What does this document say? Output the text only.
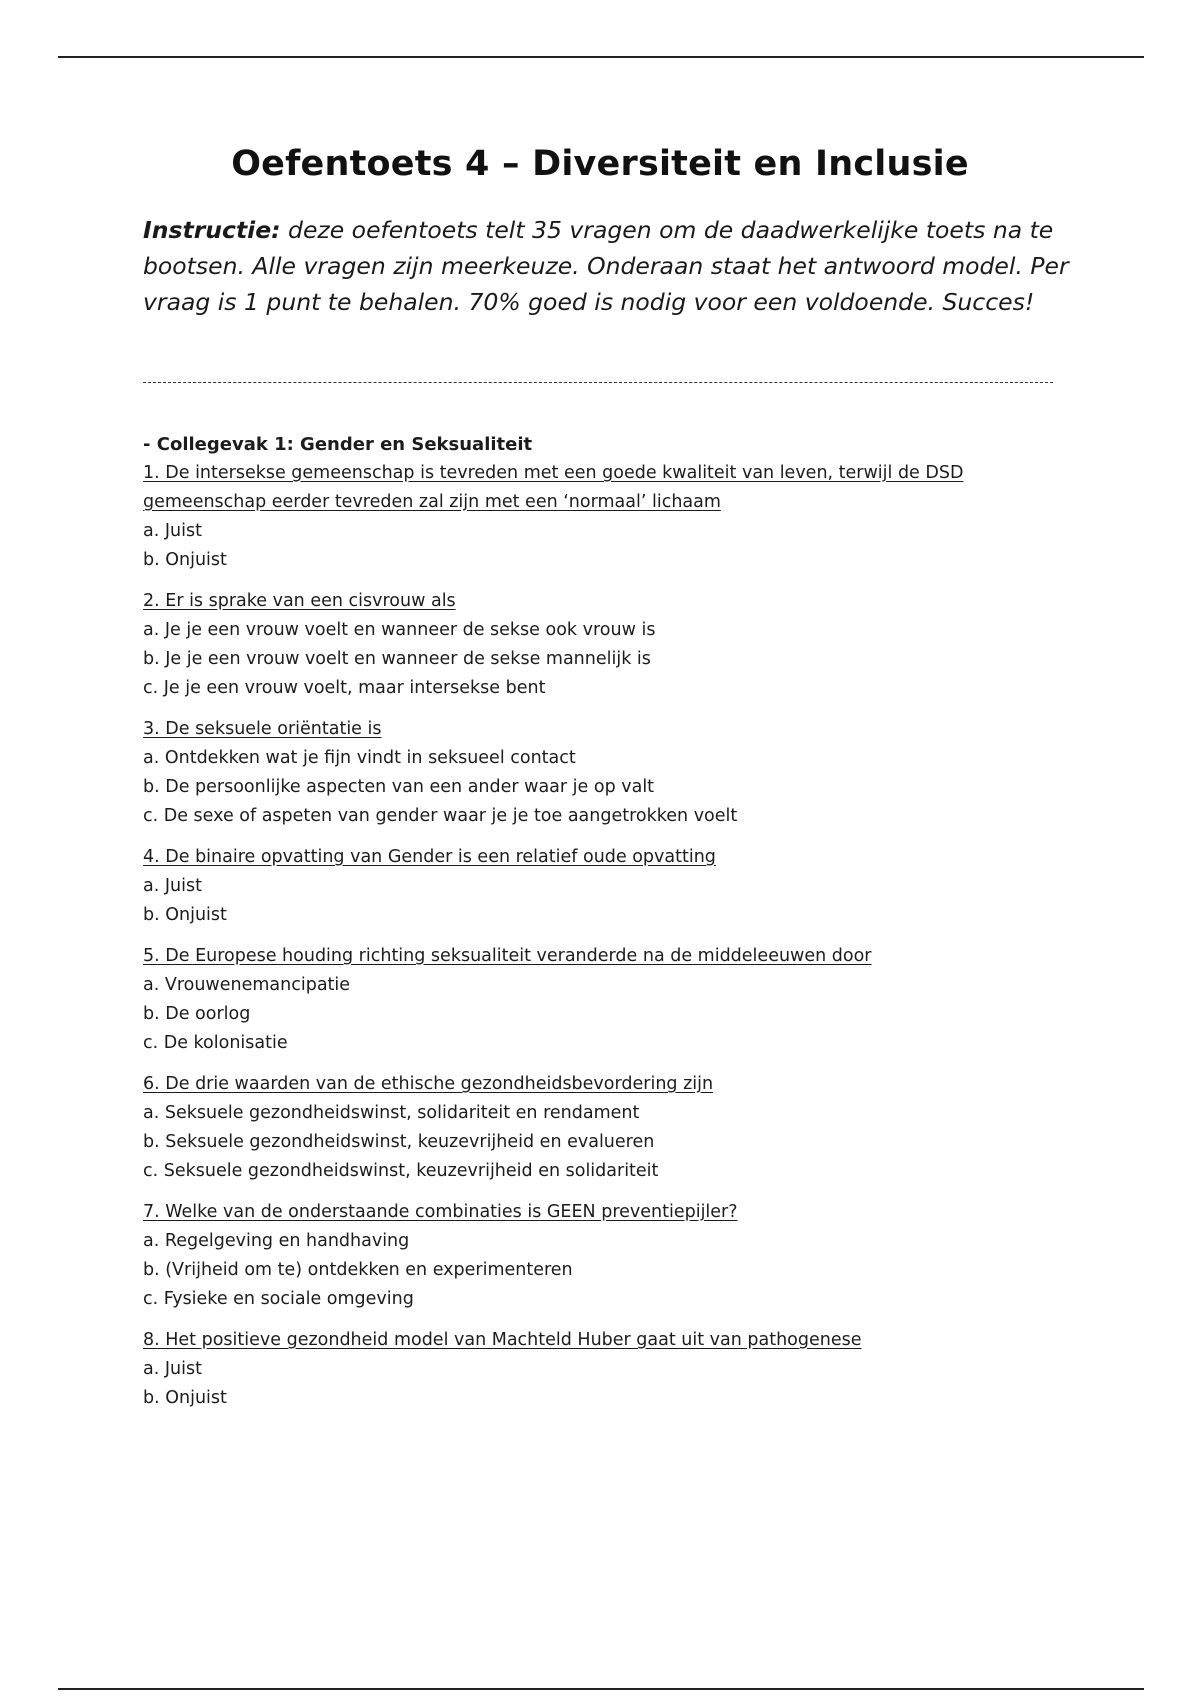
Oefentoets 4 – Diversiteit en Inclusie

Instructie: deze oefentoets telt 35 vragen om de daadwerkelijke toets na te bootsen. Alle vragen zijn meerkeuze. Onderaan staat het antwoord model. Per vraag is 1 punt te behalen. 70% goed is nodig voor een voldoende. Succes!

- Collegevak 1: Gender en Seksualiteit

1. De intersekse gemeenschap is tevreden met een goede kwaliteit van leven, terwijl de DSD gemeenschap eerder tevreden zal zijn met een ‘normaal’ lichaam

a. Juist

b. Onjuist

2. Er is sprake van een cisvrouw als

a. Je je een vrouw voelt en wanneer de sekse ook vrouw is

b. Je je een vrouw voelt en wanneer de sekse mannelijk is

c. Je je een vrouw voelt, maar intersekse bent

3. De seksuele oriëntatie is

a. Ontdekken wat je fijn vindt in seksueel contact

b. De persoonlijke aspecten van een ander waar je op valt

c. De sexe of aspeten van gender waar je je toe aangetrokken voelt

4. De binaire opvatting van Gender is een relatief oude opvatting

a. Juist

b. Onjuist

5. De Europese houding richting seksualiteit veranderde na de middeleeuwen door

a. Vrouwenemancipatie

b. De oorlog

c. De kolonisatie

6. De drie waarden van de ethische gezondheidsbevordering zijn

a. Seksuele gezondheidswinst, solidariteit en rendament

b. Seksuele gezondheidswinst, keuzevrijheid en evalueren

c. Seksuele gezondheidswinst, keuzevrijheid en solidariteit

7. Welke van de onderstaande combinaties is GEEN preventiepijler?

a. Regelgeving en handhaving

b. (Vrijheid om te) ontdekken en experimenteren

c. Fysieke en sociale omgeving

8. Het positieve gezondheid model van Machteld Huber gaat uit van pathogenese

a. Juist

b. Onjuist
